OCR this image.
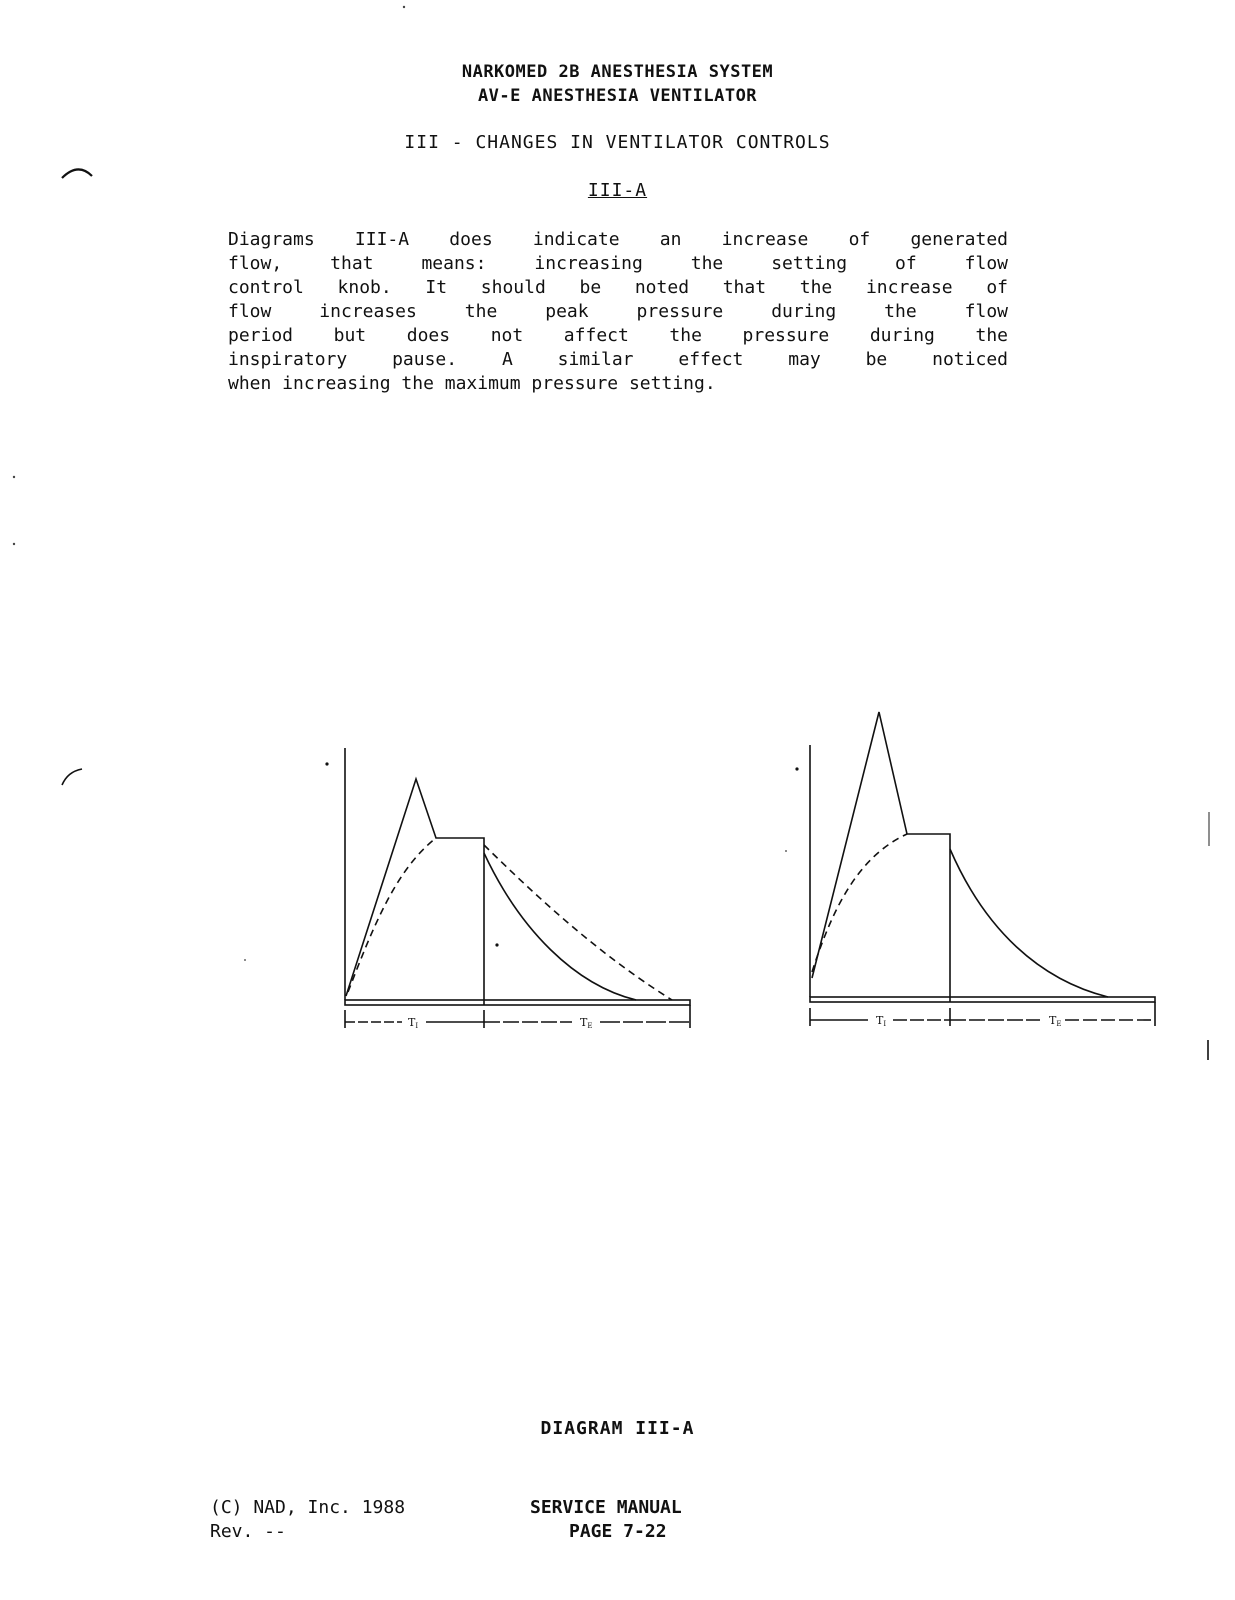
NARKOMED 2B ANESTHESIA SYSTEM
AV-E ANESTHESIA VENTILATOR
III - CHANGES IN VENTILATOR CONTROLS
III-A
Diagrams III-A does indicate an increase of generated
flow, that means: increasing the setting of flow
control knob. It should be noted that the increase of
flow increases the peak pressure during the flow
period but does not affect the pressure during the
inspiratory pause. A similar effect may be noticed
when increasing the maximum pressure setting.
TI	TE	TI	TE
DIAGRAM III-A
(C) NAD, Inc. 1988
Rev. --
SERVICE MANUAL
PAGE 7-22
